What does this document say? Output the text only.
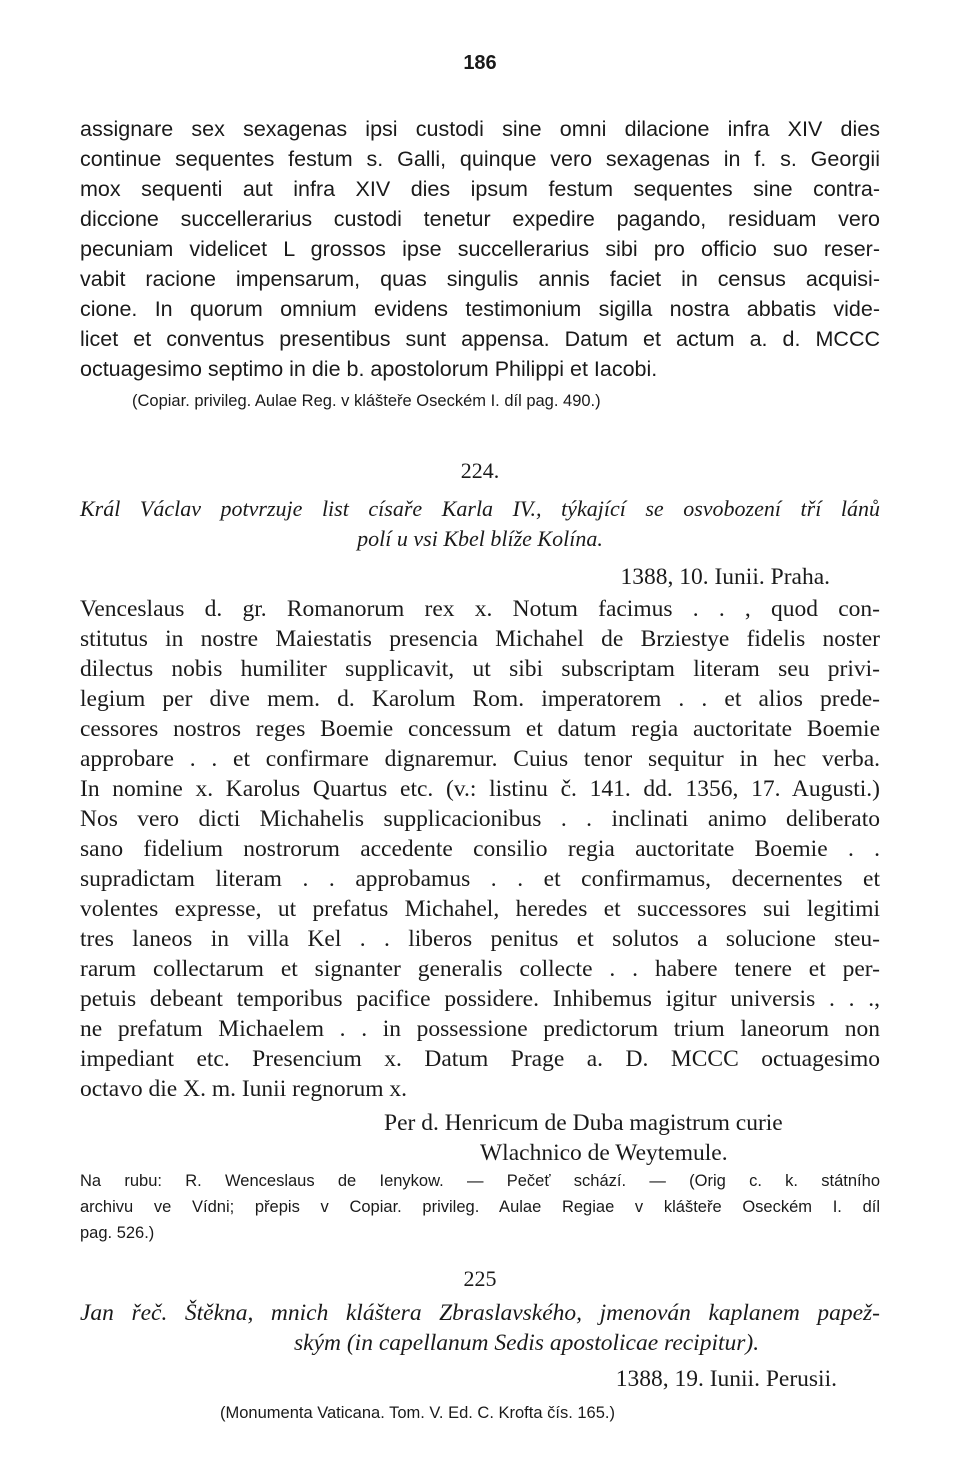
186
assignare sex sexagenas ipsi custodi sine omni dilacione infra XIV dies
continue sequentes festum s. Galli, quinque vero sexagenas in f. s. Georgii
mox sequenti aut infra XIV dies ipsum festum sequentes sine contra-
diccione succellerarius custodi tenetur expedire pagando, residuam vero
pecuniam videlicet L grossos ipse succellerarius sibi pro officio suo reser-
vabit racione impensarum, quas singulis annis faciet in census acquisi-
cione. In quorum omnium evidens testimonium sigilla nostra abbatis vide-
licet et conventus presentibus sunt appensa. Datum et actum a. d. MCCC
octuagesimo septimo in die b. apostolorum Philippi et Iacobi.
(Copiar. privileg. Aulae Reg. v klášteře Oseckém I. díl pag. 490.)
224.
Král Václav potvrzuje list císaře Karla IV., týkající se osvobození tří lánů
polí u vsi Kbel blíže Kolína.
1388, 10. Iunii. Praha.
Venceslaus d. gr. Romanorum rex x. Notum facimus . . , quod con-
stitutus in nostre Maiestatis presencia Michahel de Brziestye fidelis noster
dilectus nobis humiliter supplicavit, ut sibi subscriptam literam seu privi-
legium per dive mem. d. Karolum Rom. imperatorem . . et alios prede-
cessores nostros reges Boemie concessum et datum regia auctoritate Boemie
approbare . . et confirmare dignaremur. Cuius tenor sequitur in hec verba.
In nomine x. Karolus Quartus etc. (v.: listinu č. 141. dd. 1356, 17. Augusti.)
Nos vero dicti Michahelis supplicacionibus . . inclinati animo deliberato
sano fidelium nostrorum accedente consilio regia auctoritate Boemie . .
supradictam literam . . approbamus . . et confirmamus, decernentes et
volentes expresse, ut prefatus Michahel, heredes et successores sui legitimi
tres laneos in villa Kel . . liberos penitus et solutos a solucione steu-
rarum collectarum et signanter generalis collecte . . habere tenere et per-
petuis debeant temporibus pacifice possidere. Inhibemus igitur universis . . .,
ne prefatum Michaelem . . in possessione predictorum trium laneorum non
impediant etc. Presencium x. Datum Prage a. D. MCCC octuagesimo
octavo die X. m. Iunii regnorum x.
Per d. Henricum de Duba magistrum curie
Wlachnico de Weytemule.
Na rubu: R. Wenceslaus de Ienykow. — Pečeť schází. — (Orig c. k. státního
archivu ve Vídni; přepis v Copiar. privileg. Aulae Regiae v klášteře Oseckém I. díl
pag. 526.)
225
Jan řeč. Štěkna, mnich kláštera Zbraslavského, jmenován kaplanem papež-
ským (in capellanum Sedis apostolicae recipitur).
1388, 19. Iunii. Perusii.
(Monumenta Vaticana. Tom. V. Ed. C. Krofta čís. 165.)
